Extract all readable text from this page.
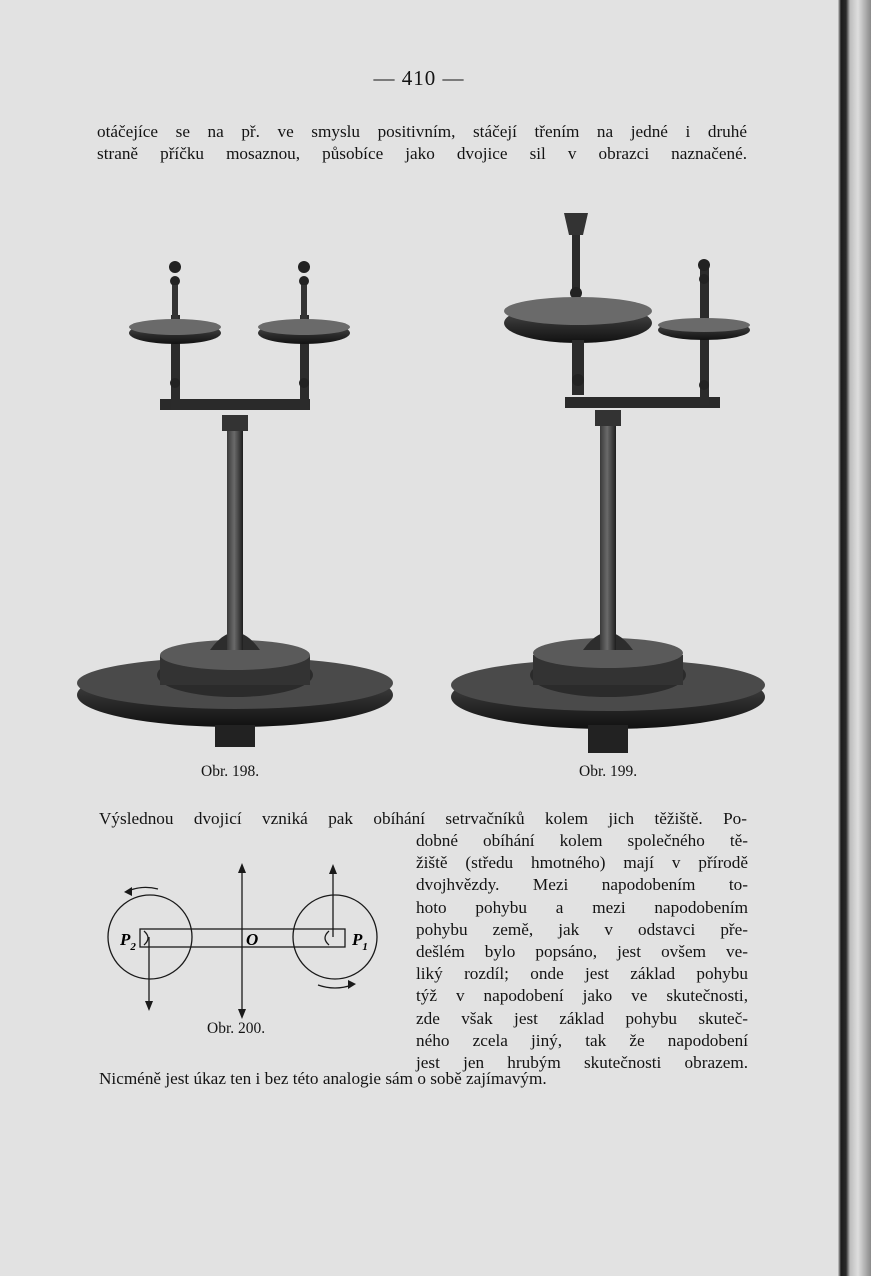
— 410 —

otáčejíce se na př. ve smyslu positivním, stáčejí třením na jedné i druhé
straně příčku mosaznou, působíce jako dvojice sil v obrazci naznačené.

Obr. 198.	Obr. 199.

Výslednou dvojicí vzniká pak obíhání setrvačníků kolem jich těžiště. Po-

$P_2$	O	$P_1$
Obr. 200.

dobné obíhání kolem společného tě-
žiště (středu hmotného) mají v přírodě
dvojhvězdy. Mezi napodobením to-
hoto pohybu a mezi napodobením
pohybu země, jak v odstavci pře-
dešlém bylo popsáno, jest ovšem ve-
liký rozdíl; onde jest základ pohybu
týž v napodobení jako ve skutečnosti,
zde však jest základ pohybu skuteč-
ného zcela jiný, tak že napodobení
jest jen hrubým skutečnosti obrazem.

Nicméně jest úkaz ten i bez této analogie sám o sobě zajímavým.
